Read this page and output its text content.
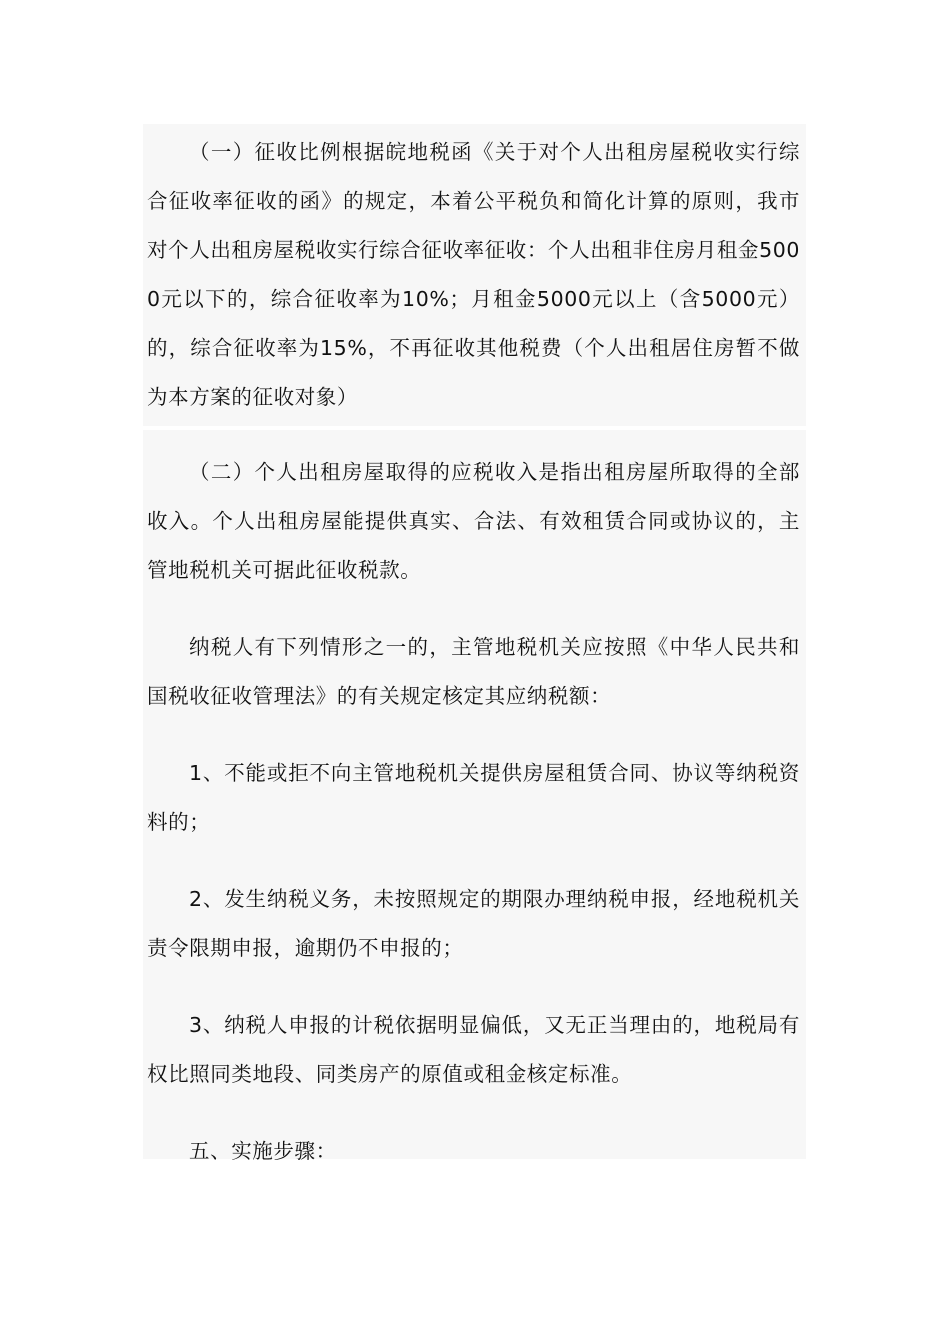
（一）征收比例根据皖地税函《关于对个人出租房屋税收实行综合征收率征收的函》的规定，本着公平税负和简化计算的原则，我市对个人出租房屋税收实行综合征收率征收：个人出租非住房月租金5000元以下的，综合征收率为10%；月租金5000元以上（含5000元）的，综合征收率为15%，不再征收其他税费（个人出租居住房暂不做为本方案的征收对象）

（二）个人出租房屋取得的应税收入是指出租房屋所取得的全部收入。个人出租房屋能提供真实、合法、有效租赁合同或协议的，主管地税机关可据此征收税款。

纳税人有下列情形之一的，主管地税机关应按照《中华人民共和国税收征收管理法》的有关规定核定其应纳税额：

1、不能或拒不向主管地税机关提供房屋租赁合同、协议等纳税资料的；

2、发生纳税义务，未按照规定的期限办理纳税申报，经地税机关责令限期申报，逾期仍不申报的；

3、纳税人申报的计税依据明显偏低，又无正当理由的，地税局有权比照同类地段、同类房产的原值或租金核定标准。

五、实施步骤：
